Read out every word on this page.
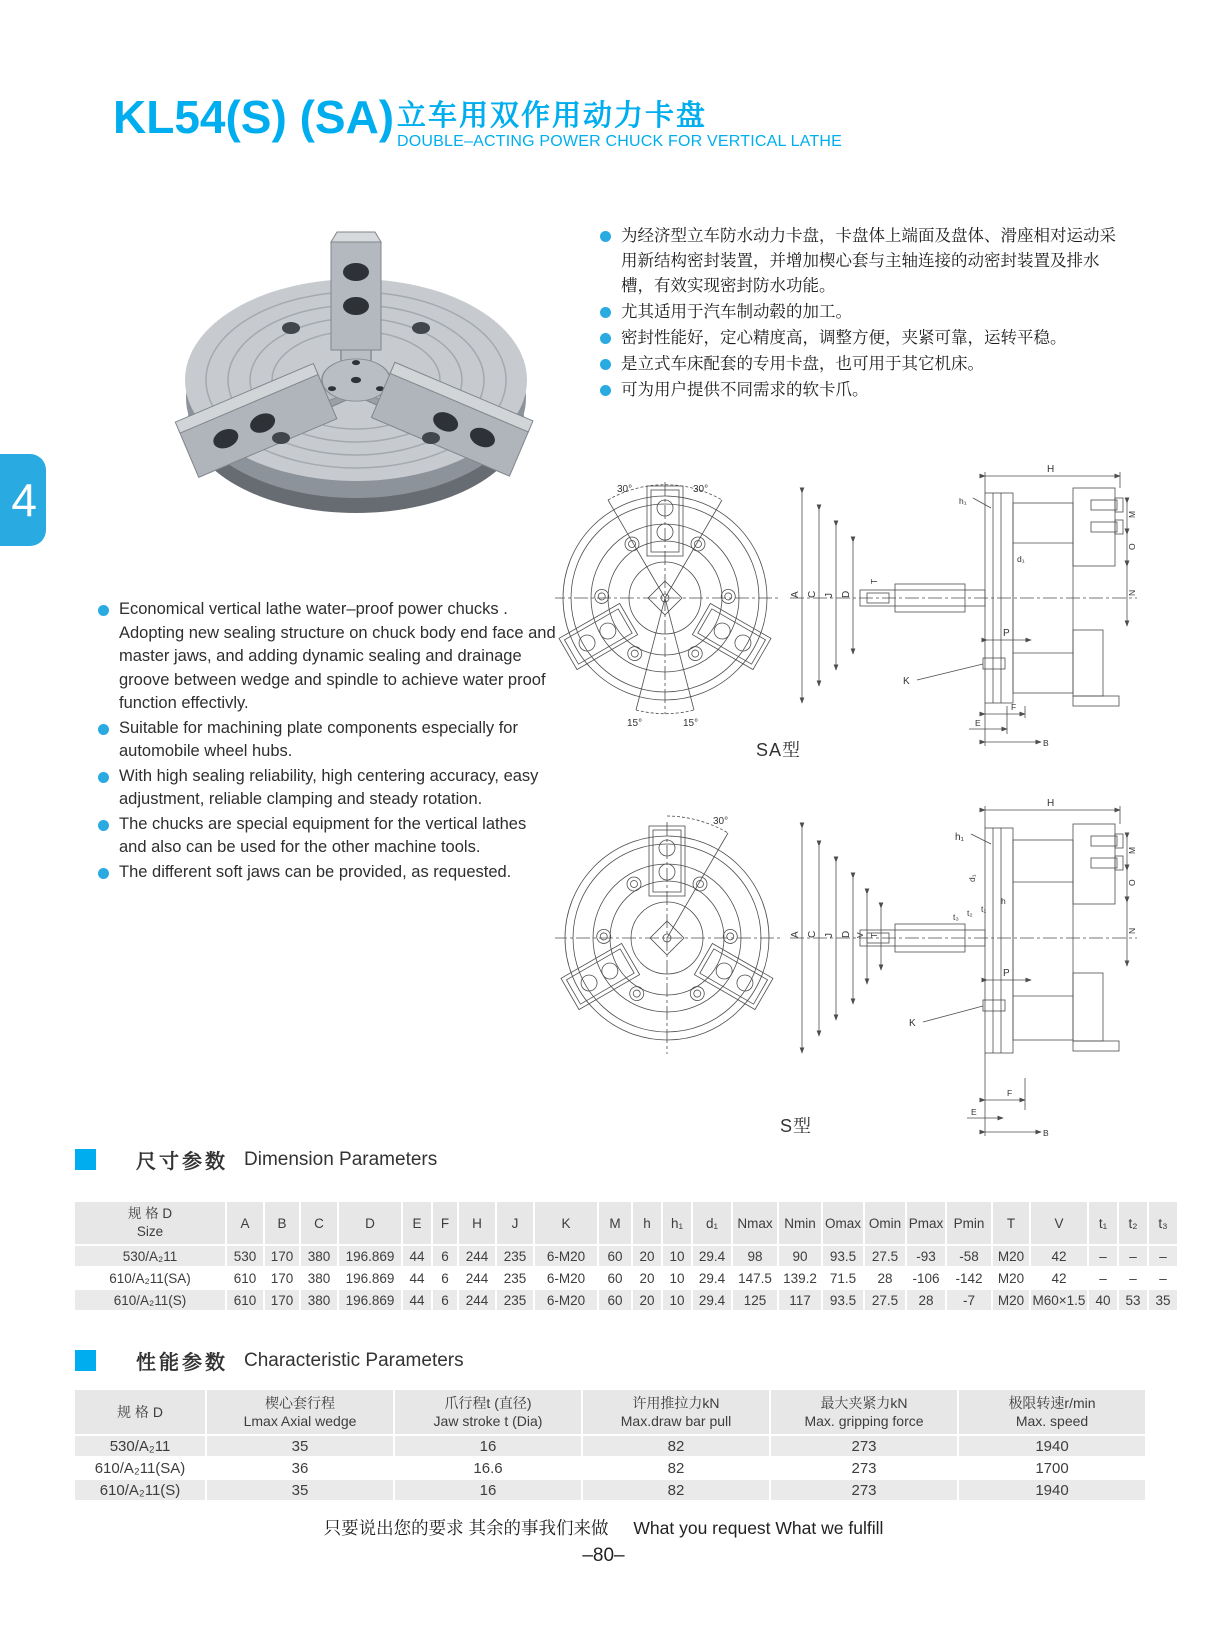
4
KL54(S) (SA) 立车用双作用动力卡盘
DOUBLE–ACTING POWER CHUCK FOR VERTICAL LATHE
为经济型立车防水动力卡盘，卡盘体上端面及盘体、滑座相对运动采用新结构密封装置，并增加楔心套与主轴连接的动密封装置及排水槽，有效实现密封防水功能。
尤其适用于汽车制动毂的加工。
密封性能好，定心精度高，调整方便，夹紧可靠，运转平稳。
是立式车床配套的专用卡盘，也可用于其它机床。
可为用户提供不同需求的软卡爪。
Economical vertical lathe water–proof power chucks . Adopting new sealing structure on chuck body end face and master jaws, and adding dynamic sealing and drainage groove between wedge and spindle to achieve water proof function effectivly.
Suitable for machining plate components especially for automobile wheel hubs.
With high sealing reliability, high centering accuracy, easy adjustment, reliable clamping and steady rotation.
The chucks are special equipment for the vertical lathes and also can be used for the other machine tools.
The different soft jaws can be provided, as requested.
30°	30°
15°	15°
A C J D
T
H
h₁
d₁
M
O
N
P
K
F
E
B
SA型
30°
A C J D V T
H
h₁
d₁
h
t₃ t₂ t₁
M
O
N
P
K
F
E
B
S型
尺寸参数 Dimension Parameters
规 格 D
Size	A	B	C	D	E	F	H	J	K	M	h	h₁	d₁	Nmax	Nmin	Omax	Omin	Pmax	Pmin	T	V	t₁	t₂	t₃
530/A₂11	530	170	380	196.869	44	6	244	235	6-M20	60	20	10	29.4	98	90	93.5	27.5	-93	-58	M20	42	–	–	–
610/A₂11(SA)	610	170	380	196.869	44	6	244	235	6-M20	60	20	10	29.4	147.5	139.2	71.5	28	-106	-142	M20	42	–	–	–
610/A₂11(S)	610	170	380	196.869	44	6	244	235	6-M20	60	20	10	29.4	125	117	93.5	27.5	28	-7	M20	M60×1.5	40	53	35
性能参数 Characteristic Parameters
规 格 D

楔心套行程
Lmax Axial wedge

爪行程t (直径)
Jaw stroke t (Dia)

许用推拉力kN
Max.draw bar pull

最大夹紧力kN
Max. gripping force

极限转速r/min
Max. speed

530/A₂11	35	16	82	273	1940
610/A₂11(SA)	36	16.6	82	273	1700
610/A₂11(S)	35	16	82	273	1940
只要说出您的要求 其余的事我们来做 What you request What we fulfill
–80–
